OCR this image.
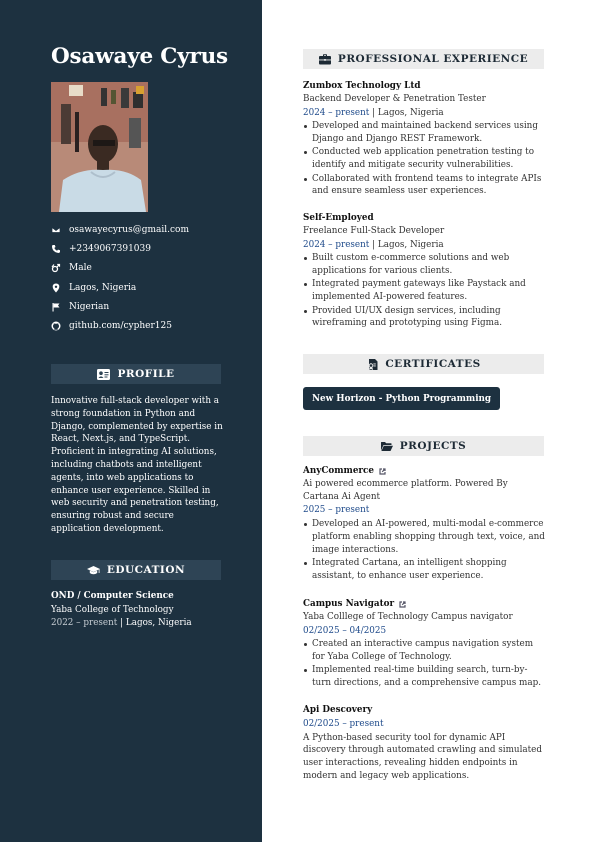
Osawaye Cyrus
osawayecyrus@gmail.com
+2349067391039
Male
Lagos, Nigeria
Nigerian
github.com/cypher125
PROFILE
Innovative full-stack developer with a strong foundation in Python and Django, complemented by expertise in React, Next.js, and TypeScript. Proficient in integrating AI solutions, including chatbots and intelligent agents, into web applications to enhance user experience. Skilled in web security and penetration testing, ensuring robust and secure application development.
EDUCATION
OND / Computer Science
Yaba College of Technology
2022 – present | Lagos, Nigeria
PROFESSIONAL EXPERIENCE
Zumbox Technology Ltd
Backend Developer & Penetration Tester
2024 – present | Lagos, Nigeria
Developed and maintained backend services using Django and Django REST Framework.
Conducted web application penetration testing to identify and mitigate security vulnerabilities.
Collaborated with frontend teams to integrate APIs and ensure seamless user experiences.
Self-Employed
Freelance Full-Stack Developer
2024 – present | Lagos, Nigeria
Built custom e-commerce solutions and web applications for various clients.
Integrated payment gateways like Paystack and implemented AI-powered features.
Provided UI/UX design services, including wireframing and prototyping using Figma.
CERTIFICATES
New Horizon - Python Programming
PROJECTS
AnyCommerce
Ai powered ecommerce platform. Powered By Cartana Ai Agent
2025 – present
Developed an AI-powered, multi-modal e-commerce platform enabling shopping through text, voice, and image interactions.
Integrated Cartana, an intelligent shopping assistant, to enhance user experience.
Campus Navigator
Yaba Colllege of Technology Campus navigator
02/2025 – 04/2025
Created an interactive campus navigation system for Yaba College of Technology.
Implemented real-time building search, turn-by-turn directions, and a comprehensive campus map.
Api Descovery
02/2025 – present
A Python-based security tool for dynamic API discovery through automated crawling and simulated user interactions, revealing hidden endpoints in modern and legacy web applications.
